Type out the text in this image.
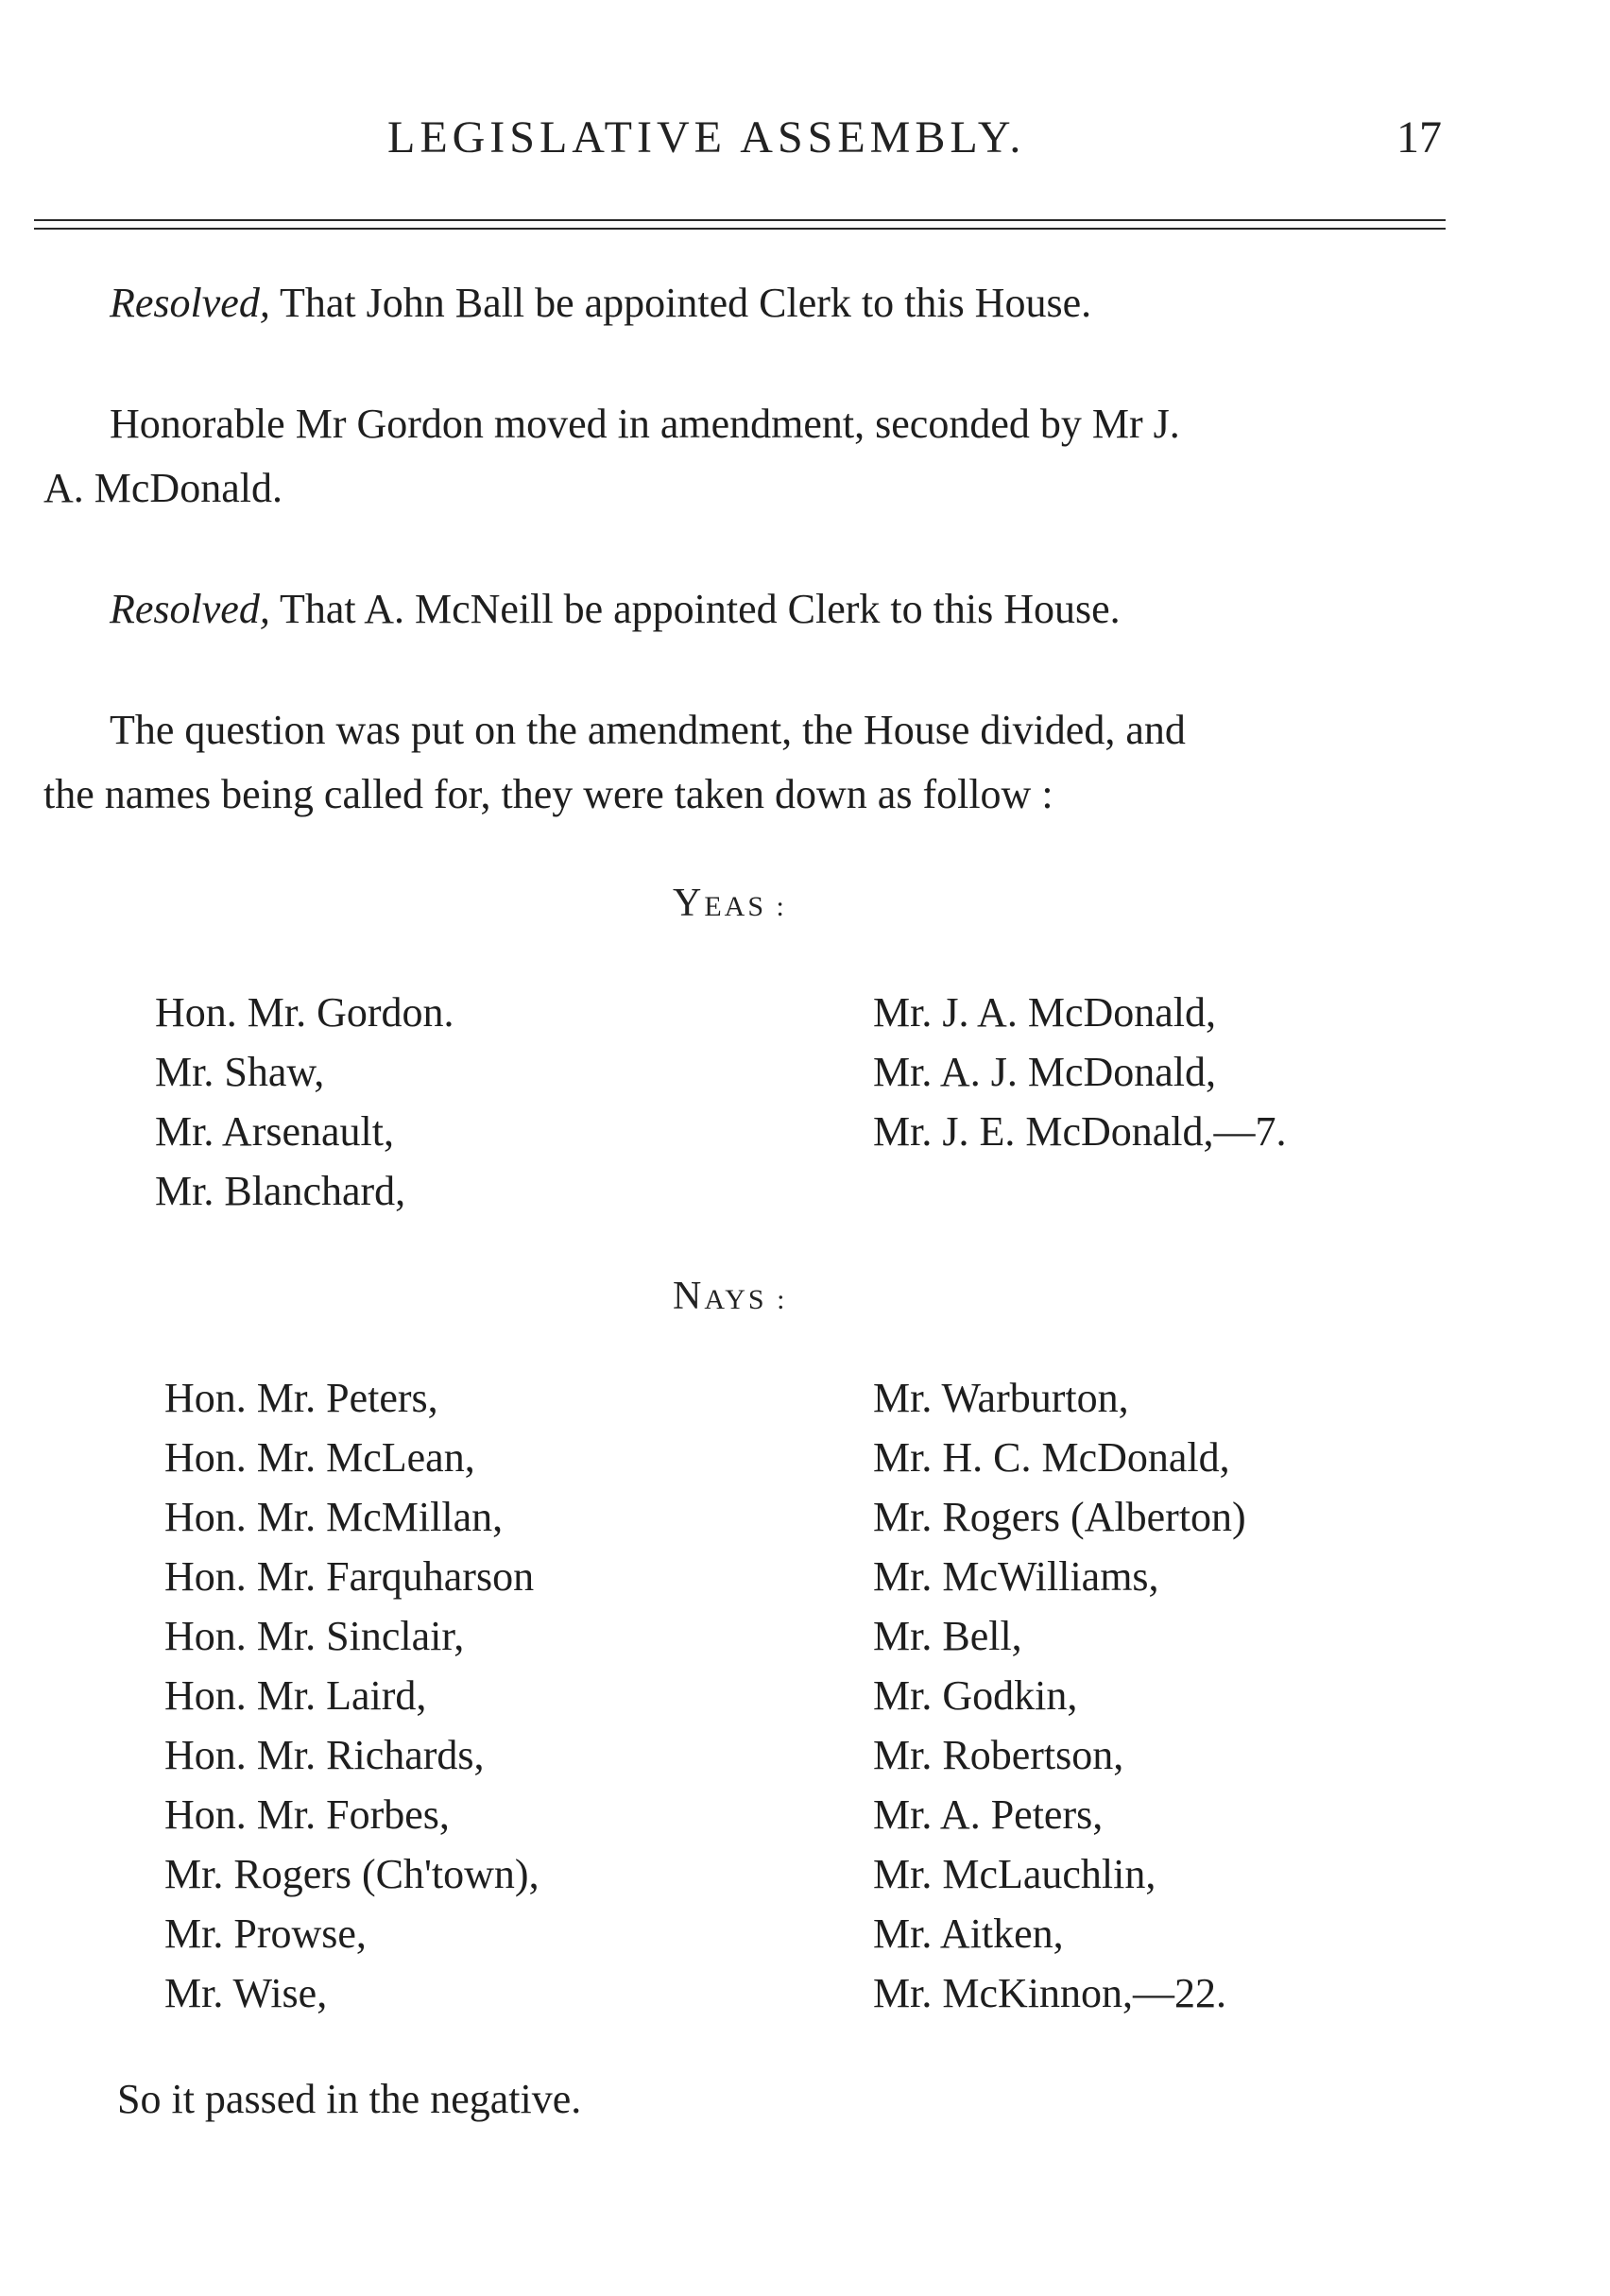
LEGISLATIVE ASSEMBLY.	17
Resolved, That John Ball be appointed Clerk to this House.
Honorable Mr Gordon moved in amendment, seconded by Mr J.
A. McDonald.
Resolved, That A. McNeill be appointed Clerk to this House.
The question was put on the amendment, the House divided, and
the names being called for, they were taken down as follow :
YEAS :
Hon. Mr. Gordon.
Mr. Shaw,
Mr. Arsenault,
Mr. Blanchard,
Mr. J. A. McDonald,
Mr. A. J. McDonald,
Mr. J. E. McDonald,—7.
NAYS :
Hon. Mr. Peters,
Hon. Mr. McLean,
Hon. Mr. McMillan,
Hon. Mr. Farquharson
Hon. Mr. Sinclair,
Hon. Mr. Laird,
Hon. Mr. Richards,
Hon. Mr. Forbes,
Mr. Rogers (Ch'town),
Mr. Prowse,
Mr. Wise,
Mr. Warburton,
Mr. H. C. McDonald,
Mr. Rogers (Alberton)
Mr. McWilliams,
Mr. Bell,
Mr. Godkin,
Mr. Robertson,
Mr. A. Peters,
Mr. McLauchlin,
Mr. Aitken,
Mr. McKinnon,—22.
So it passed in the negative.
